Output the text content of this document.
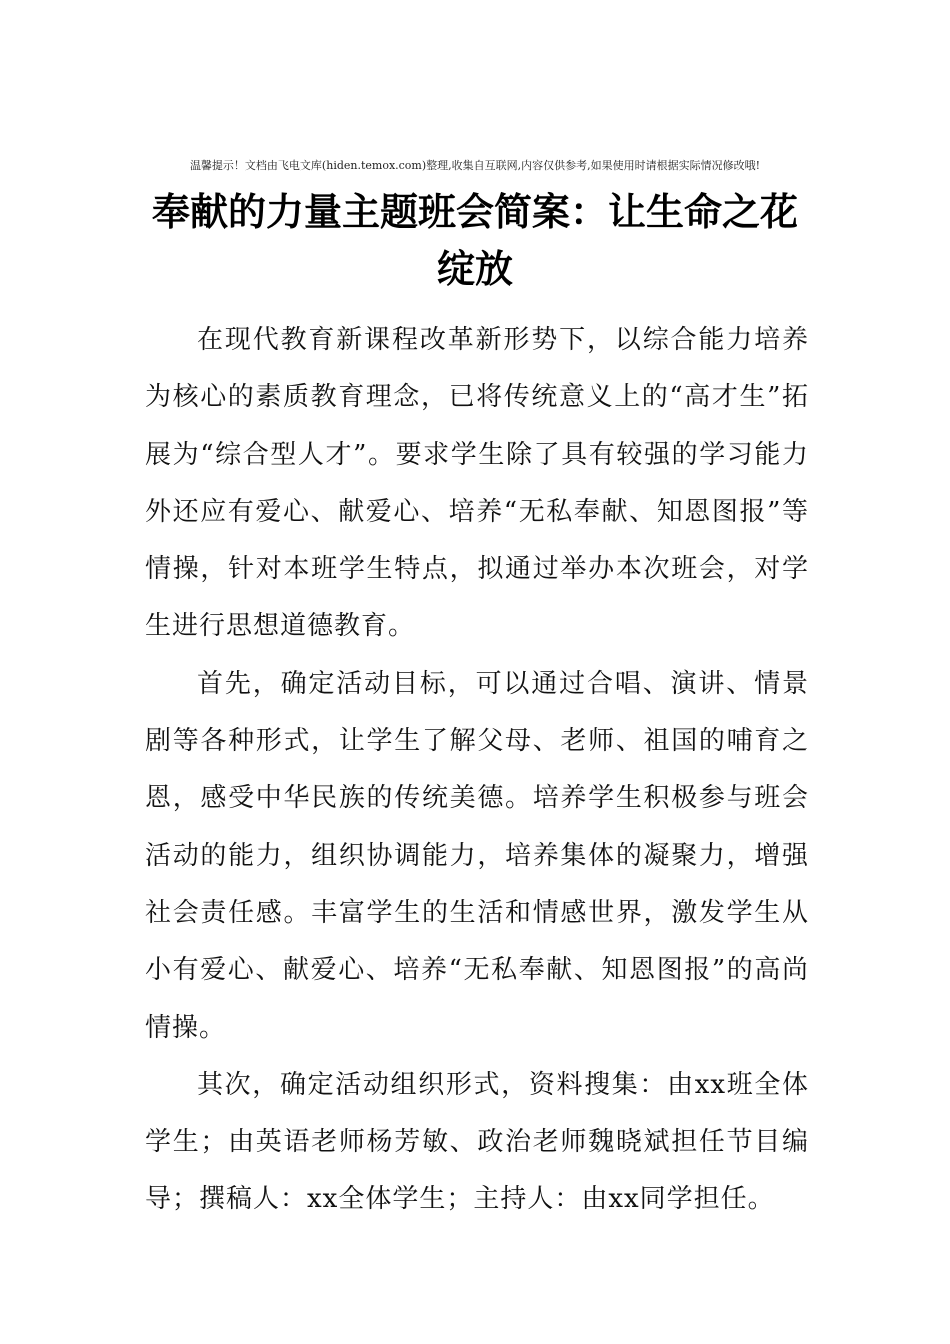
温馨提示！文档由飞电文库(hiden.temox.com)整理,收集自互联网,内容仅供参考,如果使用时请根据实际情况修改哦!
奉献的力量主题班会简案：让生命之花绽放

在现代教育新课程改革新形势下，以综合能力培养为核心的素质教育理念，已将传统意义上的“高才生”拓展为“综合型人才”。要求学生除了具有较强的学习能力外还应有爱心、献爱心、培养“无私奉献、知恩图报”等情操，针对本班学生特点，拟通过举办本次班会，对学生进行思想道德教育。

首先，确定活动目标，可以通过合唱、演讲、情景剧等各种形式，让学生了解父母、老师、祖国的哺育之恩，感受中华民族的传统美德。培养学生积极参与班会活动的能力，组织协调能力，培养集体的凝聚力，增强社会责任感。丰富学生的生活和情感世界，激发学生从小有爱心、献爱心、培养“无私奉献、知恩图报”的高尚情操。

其次，确定活动组织形式，资料搜集：由xx班全体学生；由英语老师杨芳敏、政治老师魏晓斌担任节目编导；撰稿人：xx全体学生；主持人：由xx同学担任。
